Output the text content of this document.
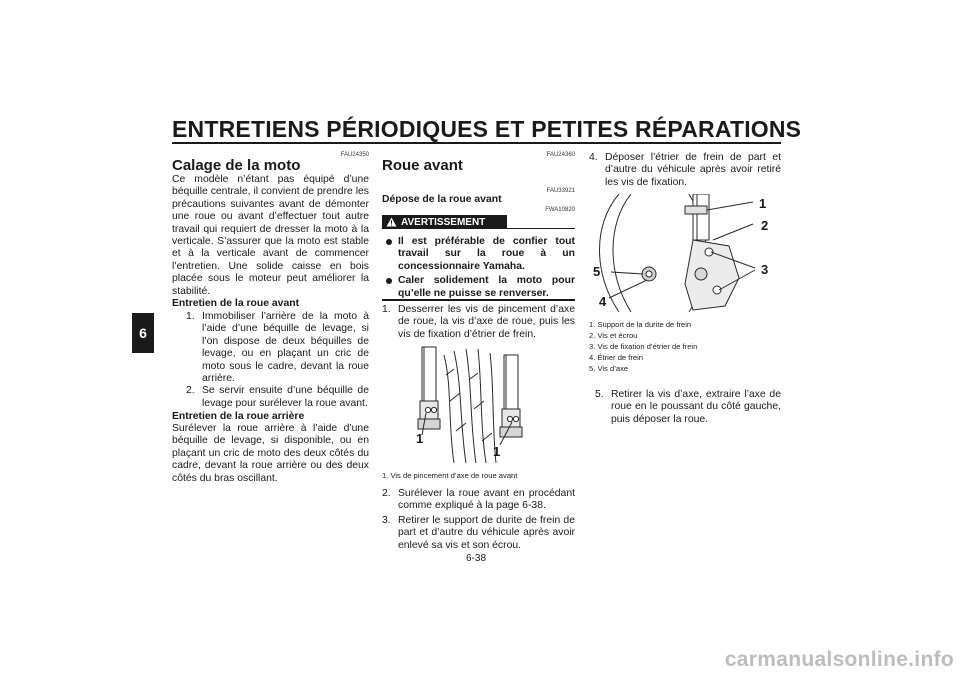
ENTRETIENS PÉRIODIQUES ET PETITES RÉPARATIONS
6
FAU24350
Calage de la moto
Ce modèle n’étant pas équipé d’une béquille centrale, il convient de prendre les précautions suivantes avant de démonter une roue ou avant d’effectuer tout autre travail qui requiert de dresser la moto à la verticale. S’assurer que la moto est stable et à la verticale avant de commencer l’entretien. Une solide caisse en bois placée sous le moteur peut améliorer la stabilité.
Entretien de la roue avant
1. Immobiliser l’arrière de la moto à l’aide d’une béquille de levage, si l’on dispose de deux béquilles de levage, ou en plaçant un cric de moto sous le cadre, devant la roue arrière.
2. Se servir ensuite d’une béquille de levage pour surélever la roue avant.
Entretien de la roue arrière
Surélever la roue arrière à l’aide d’une béquille de levage, si disponible, ou en plaçant un cric de moto des deux côtés du cadre, devant la roue arrière ou des deux côtés du bras oscillant.
FAU24360
Roue avant
FAU33921
Dépose de la roue avant
FWA10820
AVERTISSEMENT
Il est préférable de confier tout travail sur la roue à un concessionnaire Yamaha.
Caler solidement la moto pour qu’elle ne puisse se renverser.
1. Desserrer les vis de pincement d’axe de roue, la vis d’axe de roue, puis les vis de fixation d’étrier de frein.
1
1
1. Vis de pincement d’axe de roue avant
2. Surélever la roue avant en procédant comme expliqué à la page 6-38.
3. Retirer le support de durite de frein de part et d’autre du véhicule après avoir enlevé sa vis et son écrou.
6-38
4. Déposer l’étrier de frein de part et d’autre du véhicule après avoir retiré les vis de fixation.
1
2
3
4
5
1. Support de la durite de frein
2. Vis et écrou
3. Vis de fixation d’étrier de frein
4. Étrier de frein
5. Vis d’axe
5. Retirer la vis d’axe, extraire l’axe de roue en le poussant du côté gauche, puis déposer la roue.
carmanualsonline.info
